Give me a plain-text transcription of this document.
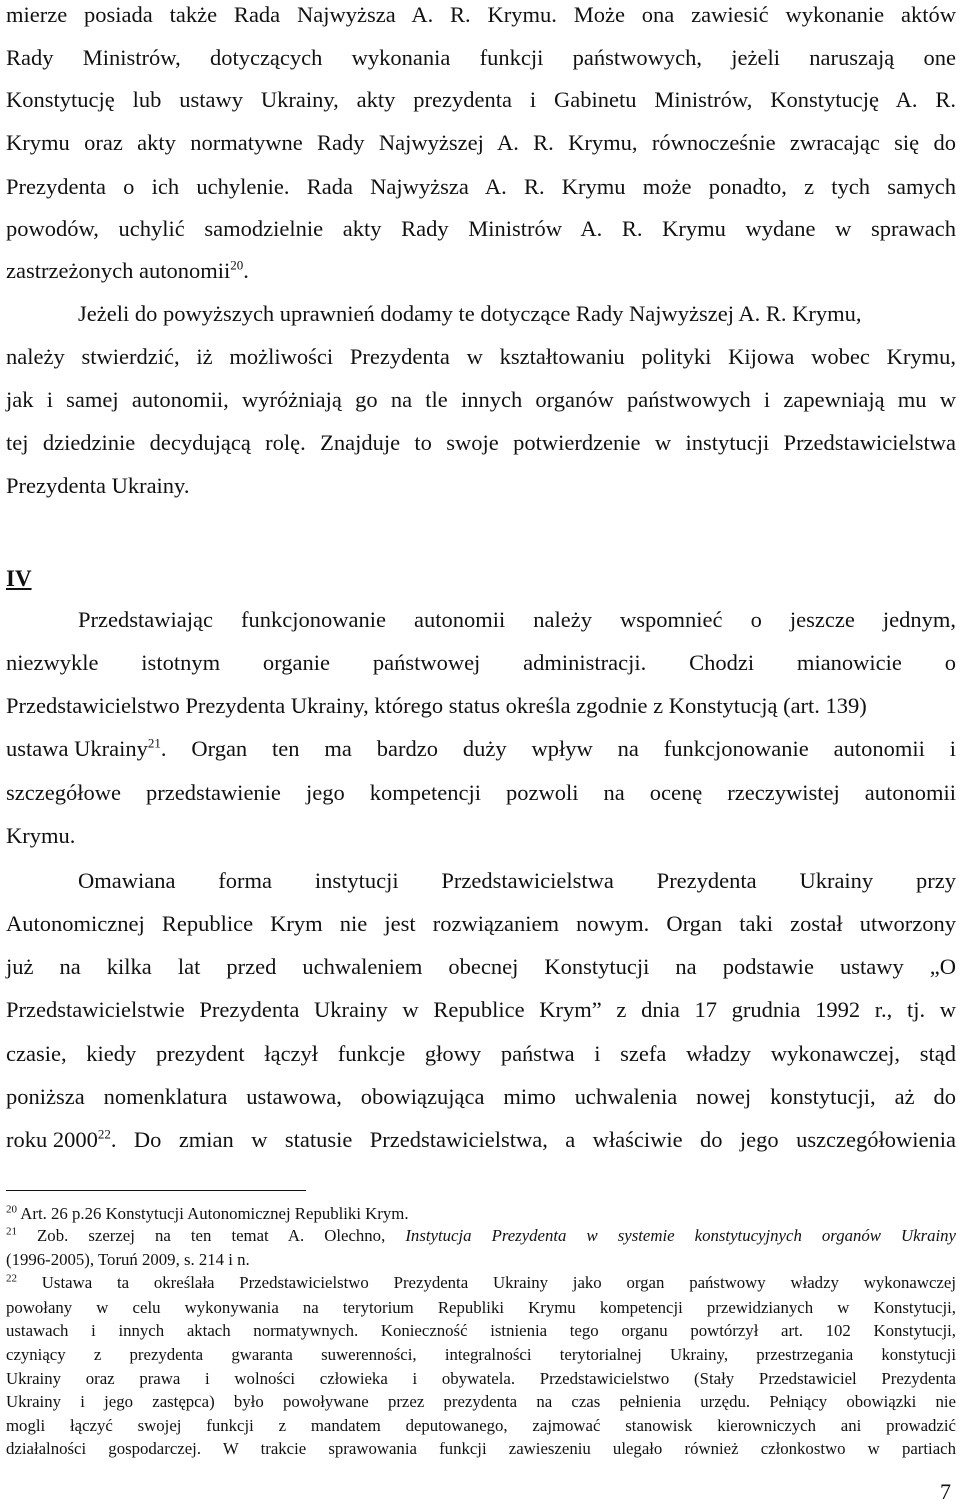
mierze posiada także Rada Najwyższa A. R. Krymu. Może ona zawiesić wykonanie aktów
Rady Ministrów, dotyczących wykonania funkcji państwowych, jeżeli naruszają one
Konstytucję lub ustawy Ukrainy, akty prezydenta i Gabinetu Ministrów, Konstytucję A. R.
Krymu oraz akty normatywne Rady Najwyższej A. R. Krymu, równocześnie zwracając się do
Prezydenta o ich uchylenie. Rada Najwyższa A. R. Krymu może ponadto, z tych samych
powodów, uchylić samodzielnie akty Rady Ministrów A. R. Krymu wydane w sprawach
zastrzeżonych autonomii$^{20}$.
Jeżeli do powyższych uprawnień dodamy te dotyczące Rady Najwyższej A. R. Krymu,
należy stwierdzić, iż możliwości Prezydenta w kształtowaniu polityki Kijowa wobec Krymu,
jak i samej autonomii, wyróżniają go na tle innych organów państwowych i zapewniają mu w
tej dziedzinie decydującą rolę. Znajduje to swoje potwierdzenie w instytucji Przedstawicielstwa
Prezydenta Ukrainy.
IV
Przedstawiając funkcjonowanie autonomii należy wspomnieć o jeszcze jednym,
niezwykle istotnym organie państwowej administracji. Chodzi mianowicie o
Przedstawicielstwo Prezydenta Ukrainy, którego status określa zgodnie z Konstytucją (art. 139)
ustawa Ukrainy$^{21}$ . Organ ten ma bardzo duży wpływ na funkcjonowanie autonomii i
szczegółowe przedstawienie jego kompetencji pozwoli na ocenę rzeczywistej autonomii
Krymu.
Omawiana forma instytucji Przedstawicielstwa Prezydenta Ukrainy przy
Autonomicznej Republice Krym nie jest rozwiązaniem nowym. Organ taki został utworzony
już na kilka lat przed uchwaleniem obecnej Konstytucji na podstawie ustawy „O
Przedstawicielstwie Prezydenta Ukrainy w Republice Krym” z dnia 17 grudnia 1992 r., tj. w
czasie, kiedy prezydent łączył funkcje głowy państwa i szefa władzy wykonawczej, stąd
poniższa nomenklatura ustawowa, obowiązująca mimo uchwalenia nowej konstytucji, aż do
roku 2000$^{22}$ . Do zmian w statusie Przedstawicielstwa, a właściwie do jego uszczegółowienia
$^{20}$ Art. 26 p.26 Konstytucji Autonomicznej Republiki Krym.
$^{21}$ Zob. szerzej na ten temat A. Olechno, Instytucja Prezydenta w systemie konstytucyjnych organów Ukrainy
(1996-2005), Toruń 2009, s. 214 i n.
$^{22}$ Ustawa ta określała Przedstawicielstwo Prezydenta Ukrainy jako organ państwowy władzy wykonawczej
powołany w celu wykonywania na terytorium Republiki Krymu kompetencji przewidzianych w Konstytucji,
ustawach i innych aktach normatywnych. Konieczność istnienia tego organu powtórzył art. 102 Konstytucji,
czyniący z prezydenta gwaranta suwerenności, integralności terytorialnej Ukrainy, przestrzegania konstytucji
Ukrainy oraz prawa i wolności człowieka i obywatela. Przedstawicielstwo (Stały Przedstawiciel Prezydenta
Ukrainy i jego zastępca) było powoływane przez prezydenta na czas pełnienia urzędu. Pełniący obowiązki nie
mogli łączyć swojej funkcji z mandatem deputowanego, zajmować stanowisk kierowniczych ani prowadzić
działalności gospodarczej. W trakcie sprawowania funkcji zawieszeniu ulegało również członkostwo w partiach
7
